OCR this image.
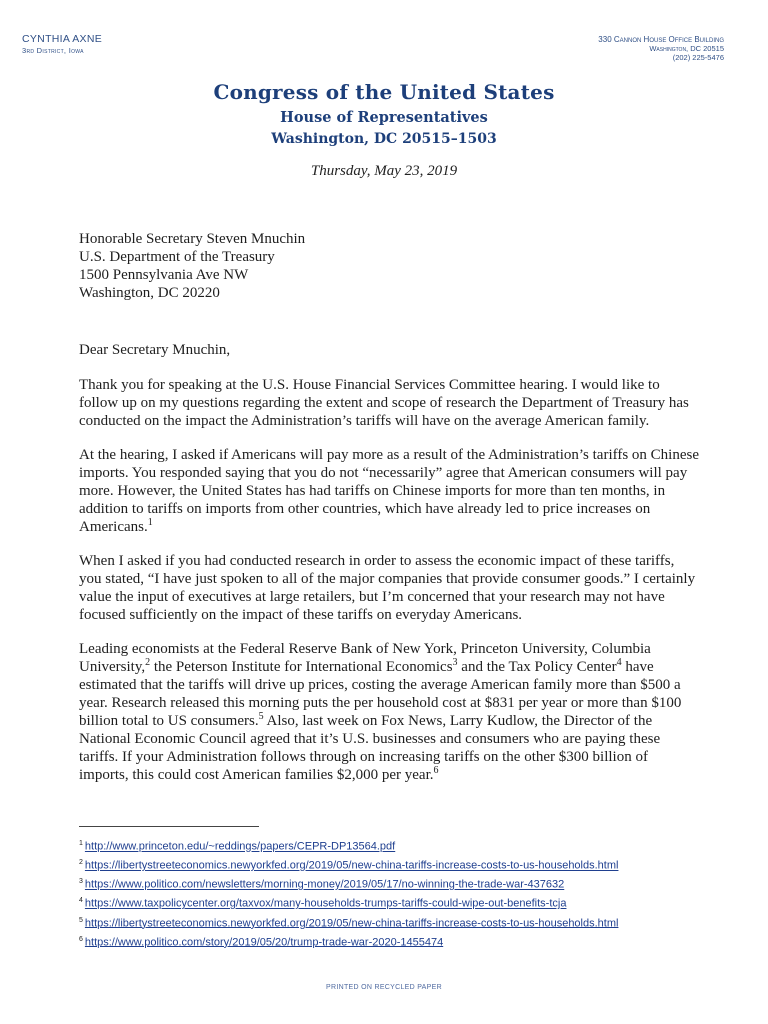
CYNTHIA AXNE
3rd District, Iowa
330 Cannon House Office Building
Washington, DC 20515
(202) 225-5476
Congress of the United States
House of Representatives
Washington, DC 20515–1503
Thursday, May 23, 2019
Honorable Secretary Steven Mnuchin
U.S. Department of the Treasury
1500 Pennsylvania Ave NW
Washington, DC 20220
Dear Secretary Mnuchin,

Thank you for speaking at the U.S. House Financial Services Committee hearing. I would like to follow up on my questions regarding the extent and scope of research the Department of Treasury has conducted on the impact the Administration’s tariffs will have on the average American family.

At the hearing, I asked if Americans will pay more as a result of the Administration’s tariffs on Chinese imports. You responded saying that you do not “necessarily” agree that American consumers will pay more. However, the United States has had tariffs on Chinese imports for more than ten months, in addition to tariffs on imports from other countries, which have already led to price increases on Americans.$^1$

When I asked if you had conducted research in order to assess the economic impact of these tariffs, you stated, “I have just spoken to all of the major companies that provide consumer goods.” I certainly value the input of executives at large retailers, but I’m concerned that your research may not have focused sufficiently on the impact of these tariffs on everyday Americans.

Leading economists at the Federal Reserve Bank of New York, Princeton University, Columbia University,$^2$ the Peterson Institute for International Economics$^3$ and the Tax Policy Center$^4$ have estimated that the tariffs will drive up prices, costing the average American family more than $500 a year. Research released this morning puts the per household cost at $831 per year or more than $100 billion total to US consumers.$^5$ Also, last week on Fox News, Larry Kudlow, the Director of the National Economic Council agreed that it’s U.S. businesses and consumers who are paying these tariffs. If your Administration follows through on increasing tariffs on the other $300 billion of imports, this could cost American families $2,000 per year.$^6$

$^1$ http://www.princeton.edu/~reddings/papers/CEPR-DP13564.pdf
$^2$ https://libertystreeteconomics.newyorkfed.org/2019/05/new-china-tariffs-increase-costs-to-us-households.html
$^3$ https://www.politico.com/newsletters/morning-money/2019/05/17/no-winning-the-trade-war-437632
$^4$ https://www.taxpolicycenter.org/taxvox/many-households-trumps-tariffs-could-wipe-out-benefits-tcja
$^5$ https://libertystreeteconomics.newyorkfed.org/2019/05/new-china-tariffs-increase-costs-to-us-households.html
$^6$ https://www.politico.com/story/2019/05/20/trump-trade-war-2020-1455474
PRINTED ON RECYCLED PAPER
